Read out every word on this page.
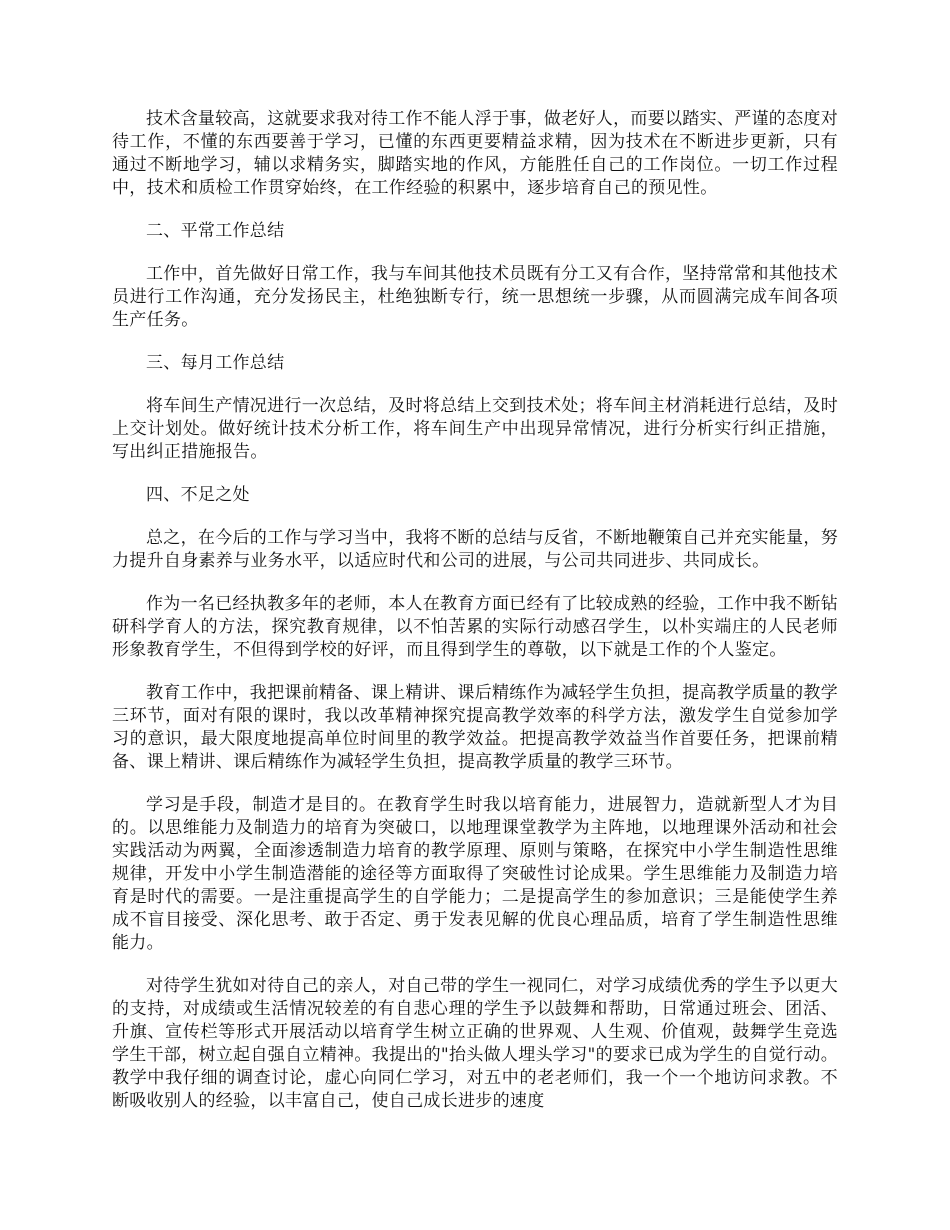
技术含量较高，这就要求我对待工作不能人浮于事，做老好人，而要以踏实、严谨的态度对待工作，不懂的东西要善于学习，已懂的东西更要精益求精，因为技术在不断进步更新，只有通过不断地学习，辅以求精务实，脚踏实地的作风，方能胜任自己的工作岗位。一切工作过程中，技术和质检工作贯穿始终，在工作经验的积累中，逐步培育自己的预见性。

二、平常工作总结

工作中，首先做好日常工作，我与车间其他技术员既有分工又有合作，坚持常常和其他技术员进行工作沟通，充分发扬民主，杜绝独断专行，统一思想统一步骤，从而圆满完成车间各项生产任务。

三、每月工作总结

将车间生产情况进行一次总结，及时将总结上交到技术处；将车间主材消耗进行总结，及时上交计划处。做好统计技术分析工作，将车间生产中出现异常情况，进行分析实行纠正措施，写出纠正措施报告。

四、不足之处

总之，在今后的工作与学习当中，我将不断的总结与反省，不断地鞭策自己并充实能量，努力提升自身素养与业务水平，以适应时代和公司的进展，与公司共同进步、共同成长。

作为一名已经执教多年的老师，本人在教育方面已经有了比较成熟的经验，工作中我不断钻研科学育人的方法，探究教育规律，以不怕苦累的实际行动感召学生，以朴实端庄的人民老师形象教育学生，不但得到学校的好评，而且得到学生的尊敬，以下就是工作的个人鉴定。

教育工作中，我把课前精备、课上精讲、课后精练作为减轻学生负担，提高教学质量的教学三环节，面对有限的课时，我以改革精神探究提高教学效率的科学方法，激发学生自觉参加学习的意识，最大限度地提高单位时间里的教学效益。把提高教学效益当作首要任务，把课前精备、课上精讲、课后精练作为减轻学生负担，提高教学质量的教学三环节。

学习是手段，制造才是目的。在教育学生时我以培育能力，进展智力，造就新型人才为目的。以思维能力及制造力的培育为突破口，以地理课堂教学为主阵地，以地理课外活动和社会实践活动为两翼，全面渗透制造力培育的教学原理、原则与策略，在探究中小学生制造性思维规律，开发中小学生制造潜能的途径等方面取得了突破性讨论成果。学生思维能力及制造力培育是时代的需要。一是注重提高学生的自学能力；二是提高学生的参加意识；三是能使学生养成不盲目接受、深化思考、敢于否定、勇于发表见解的优良心理品质，培育了学生制造性思维能力。

对待学生犹如对待自己的亲人，对自己带的学生一视同仁，对学习成绩优秀的学生予以更大的支持，对成绩或生活情况较差的有自悲心理的学生予以鼓舞和帮助，日常通过班会、团活、升旗、宣传栏等形式开展活动以培育学生树立正确的世界观、人生观、价值观，鼓舞学生竞选学生干部，树立起自强自立精神。我提出的"抬头做人埋头学习"的要求已成为学生的自觉行动。教学中我仔细的调查讨论，虚心向同仁学习，对五中的老老师们，我一个一个地访问求教。不断吸收别人的经验，以丰富自己，使自己成长进步的速度
